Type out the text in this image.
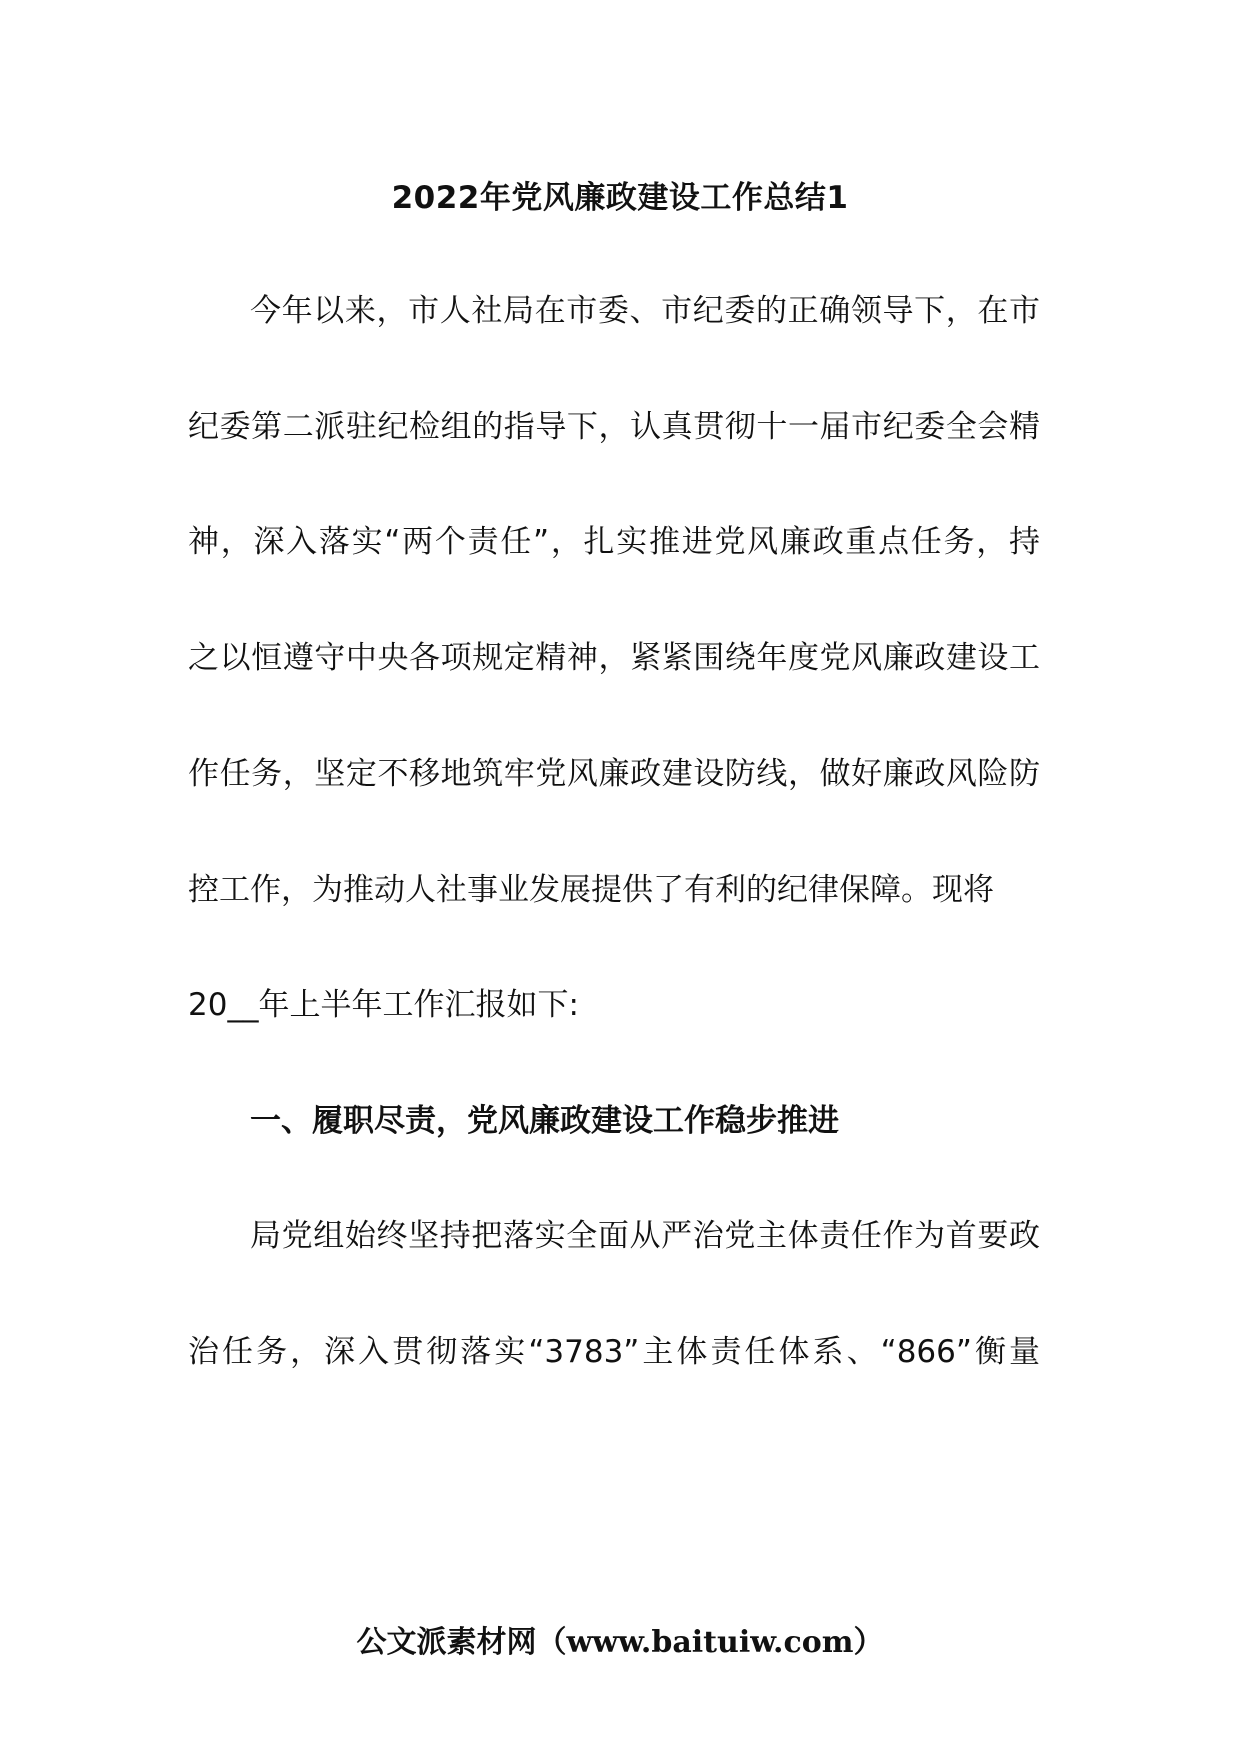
2022年党风廉政建设工作总结1
今年以来，市人社局在市委、市纪委的正确领导下，在市
纪委第二派驻纪检组的指导下，认真贯彻十一届市纪委全会精
神，深入落实“两个责任”，扎实推进党风廉政重点任务，持
之以恒遵守中央各项规定精神，紧紧围绕年度党风廉政建设工
作任务，坚定不移地筑牢党风廉政建设防线，做好廉政风险防
控工作，为推动人社事业发展提供了有利的纪律保障。现将
20__年上半年工作汇报如下:
一、履职尽责，党风廉政建设工作稳步推进
局党组始终坚持把落实全面从严治党主体责任作为首要政
治任务，深入贯彻落实“3783”主体责任体系、“866”衡量
公文派素材网（www.baituiw.com）
